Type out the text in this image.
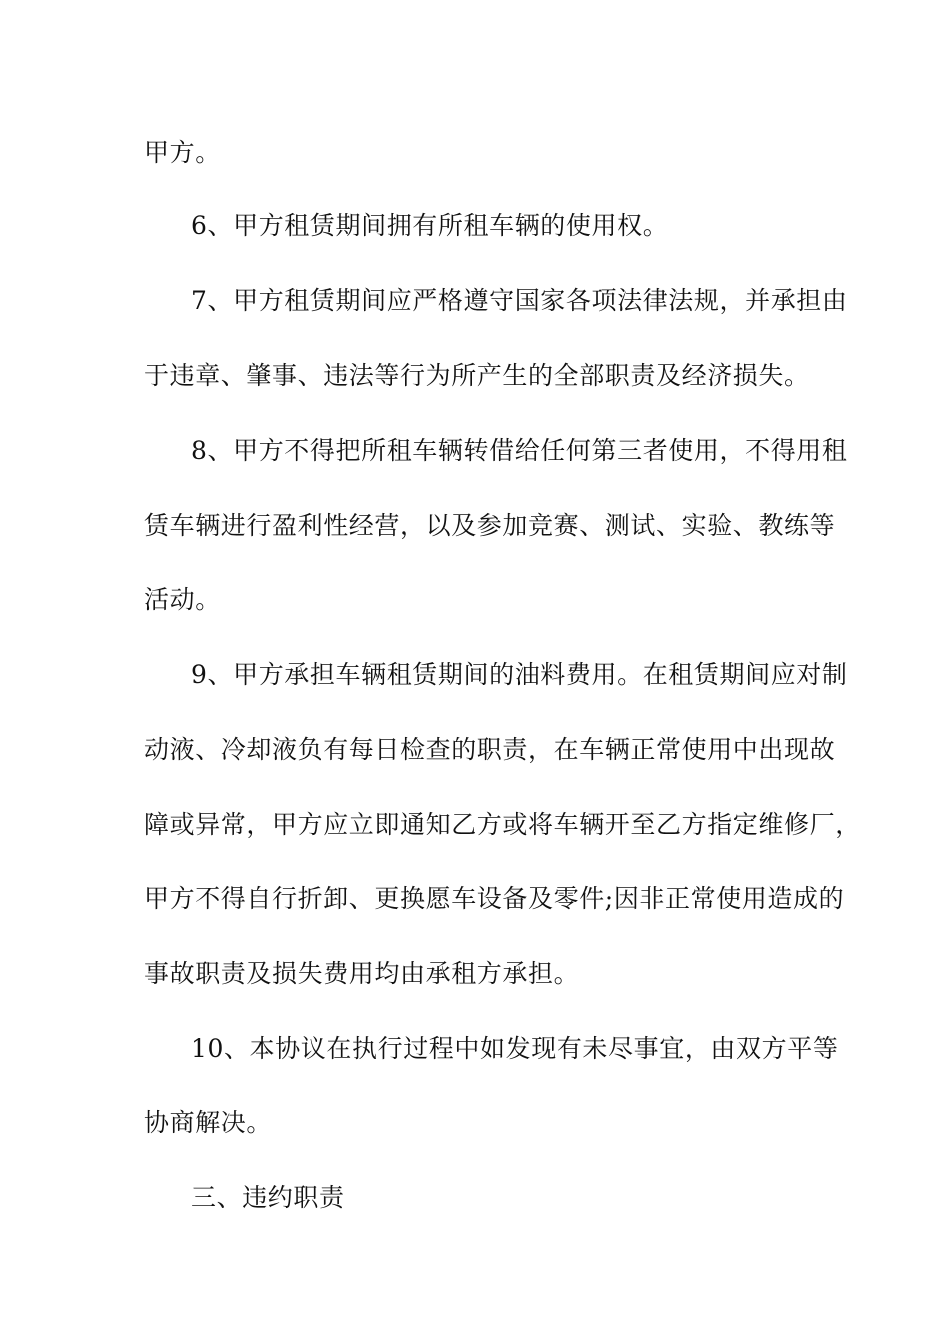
甲方。
6、甲方租赁期间拥有所租车辆的使用权。
7、甲方租赁期间应严格遵守国家各项法律法规，并承担由
于违章、肇事、违法等行为所产生的全部职责及经济损失。
8、甲方不得把所租车辆转借给任何第三者使用，不得用租
赁车辆进行盈利性经营，以及参加竞赛、测试、实验、教练等
活动。
9、甲方承担车辆租赁期间的油料费用。在租赁期间应对制
动液、冷却液负有每日检查的职责，在车辆正常使用中出现故
障或异常，甲方应立即通知乙方或将车辆开至乙方指定维修厂，
甲方不得自行折卸、更换愿车设备及零件;因非正常使用造成的
事故职责及损失费用均由承租方承担。
10、本协议在执行过程中如发现有未尽事宜，由双方平等
协商解决。
三、违约职责
